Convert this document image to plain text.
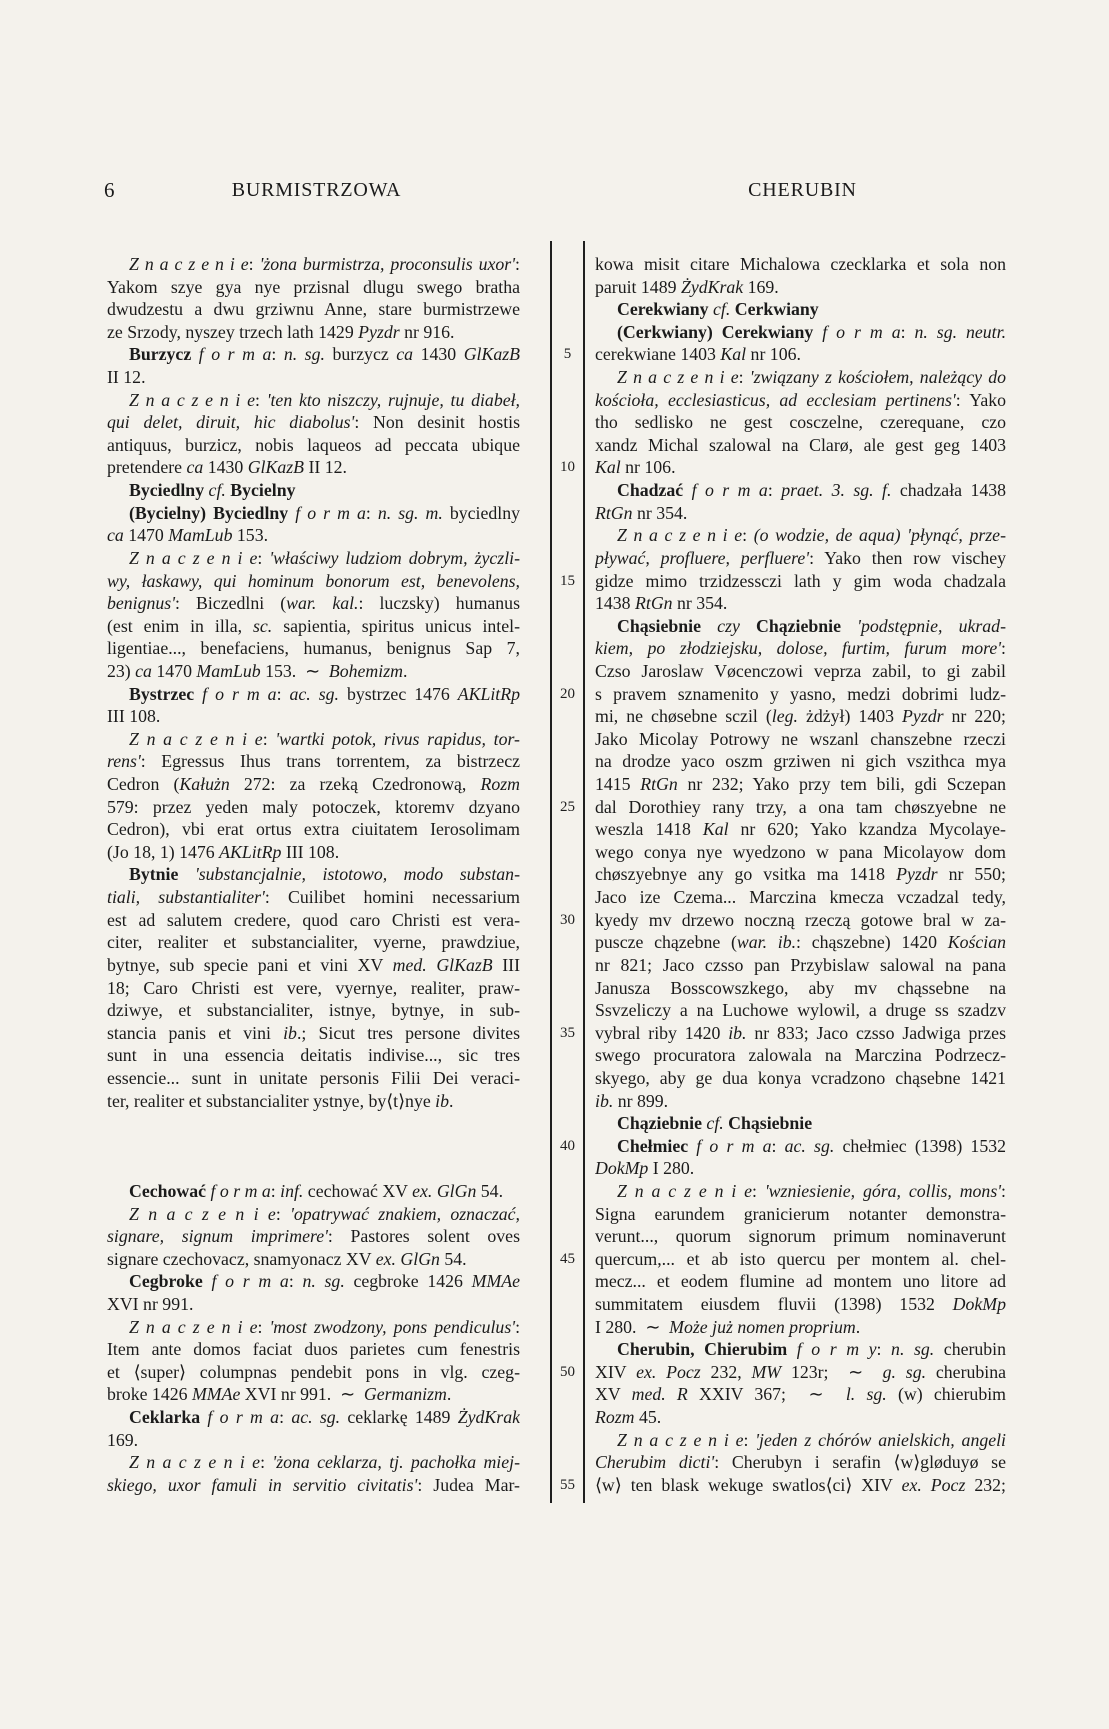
6	BURMISTRZOWA	CHERUBIN
Z n a c z e n i e: 'żona burmistrza, proconsulis uxor':
Yakom szye gya nye przisnal dlugu swego bratha
dwudzestu a dwu grziwnu Anne, stare burmistrzewe
ze Srzody, nyszey trzech lath 1429 Pyzdr nr 916.
Burzycz f o r m a: n. sg. burzycz ca 1430 GlKazB
II 12.
Z n a c z e n i e: 'ten kto niszczy, rujnuje, tu diabeł,
qui delet, diruit, hic diabolus': Non desinit hostis
antiquus, burzicz, nobis laqueos ad peccata ubique
pretendere ca 1430 GlKazB II 12.
Byciedlny cf. Bycielny
(Bycielny) Byciedlny f o r m a: n. sg. m. byciedlny
ca 1470 MamLub 153.
Z n a c z e n i e: 'właściwy ludziom dobrym, życzli-
wy, łaskawy, qui hominum bonorum est, benevolens,
benignus': Biczedlni (war. kal.: luczsky) humanus
(est enim in illa, sc. sapientia, spiritus unicus intel-
ligentiae..., benefaciens, humanus, benignus Sap 7,
23) ca 1470 MamLub 153.  ∼  Bohemizm.
Bystrzec f o r m a: ac. sg. bystrzec 1476 AKLitRp
III 108.
Z n a c z e n i e: 'wartki potok, rivus rapidus, tor-
rens': Egressus Ihus trans torrentem, za bistrzecz
Cedron (Kałużn 272: za rzeką Czedronową, Rozm
579: przez yeden maly potoczek, ktoremv dzyano
Cedron), vbi erat ortus extra ciuitatem Ierosolimam
(Jo 18, 1) 1476 AKLitRp III 108.
Bytnie 'substancjalnie, istotowo, modo substan-
tiali, substantialiter': Cuilibet homini necessarium
est ad salutem credere, quod caro Christi est vera-
citer, realiter et substancialiter, vyerne, prawdziue,
bytnye, sub specie pani et vini XV med. GlKazB III
18; Caro Christi est vere, vyernye, realiter, praw-
dziwye, et substancialiter, istnye, bytnye, in sub-
stancia panis et vini ib.; Sicut tres persone divites
sunt in una essencia deitatis indivise..., sic tres
essencie... sunt in unitate personis Filii Dei veraci-
ter, realiter et substancialiter ystnye, by⟨t⟩nye ib.
Cechować f o r m a: inf. cechować XV ex. GlGn 54.
Z n a c z e n i e: 'opatrywać znakiem, oznaczać,
signare, signum imprimere': Pastores solent oves
signare czechovacz, snamyonacz XV ex. GlGn 54.
Cegbroke f o r m a: n. sg. cegbroke 1426 MMAe
XVI nr 991.
Z n a c z e n i e: 'most zwodzony, pons pendiculus':
Item ante domos faciat duos parietes cum fenestris
et ⟨super⟩ columpnas pendebit pons in vlg. czeg-
broke 1426 MMAe XVI nr 991.  ∼  Germanizm.
Ceklarka f o r m a: ac. sg. ceklarkę 1489 ŻydKrak
169.
Z n a c z e n i e: 'żona ceklarza, tj. pachołka miej-
skiego, uxor famuli in servitio civitatis': Judea Mar-
5
10
15
20
25
30
35
40
45
50
55
kowa misit citare Michalowa czecklarka et sola non
paruit 1489 ŻydKrak 169.
Cerekwiany cf. Cerkwiany
(Cerkwiany) Cerekwiany f o r m a: n. sg. neutr.
cerekwiane 1403 Kal nr 106.
Z n a c z e n i e: 'związany z kościołem, należący do
kościoła, ecclesiasticus, ad ecclesiam pertinens': Yako
tho sedlisko ne gest cosczelne, czerequane, czo
xandz Michal szalowal na Clarø, ale gest geg 1403
Kal nr 106.
Chadzać f o r m a: praet. 3. sg. f. chadzała 1438
RtGn nr 354.
Z n a c z e n i e: (o wodzie, de aqua) 'płynąć, prze-
pływać, profluere, perfluere': Yako then row vischey
gidze mimo trzidzessczi lath y gim woda chadzala
1438 RtGn nr 354.
Chąsiebnie czy Chąziebnie 'podstępnie, ukrad-
kiem, po złodziejsku, dolose, furtim, furum more':
Czso Jaroslaw Vøcenczowi veprza zabil, to gi zabil
s pravem sznamenito y yasno, medzi dobrimi ludz-
mi, ne chøsebne sczil (leg. żdżył) 1403 Pyzdr nr 220;
Jako Micolay Potrowy ne wszanl chanszebne rzeczi
na drodze yaco oszm grziwen ni gich vszithca mya
1415 RtGn nr 232; Yako przy tem bili, gdi Sczepan
dal Dorothiey rany trzy, a ona tam chøszyebne ne
weszla 1418 Kal nr 620; Yako kzandza Mycolaye-
wego conya nye wyedzono w pana Micolayow dom
chøszyebnye any go vsitka ma 1418 Pyzdr nr 550;
Jaco ize Czema... Marczina kmecza vczadzal tedy,
kyedy mv drzewo noczną rzeczą gotowe bral w za-
puscze chązebne (war. ib.: chąszebne) 1420 Kościan
nr 821; Jaco czsso pan Przybislaw salowal na pana
Janusza Bosscowszkego, aby mv chąssebne na
Ssvzeliczy a na Luchowe wylowil, a druge ss szadzv
vybral riby 1420 ib. nr 833; Jaco czsso Jadwiga przes
swego procuratora zalowala na Marczina Podrzecz-
skyego, aby ge dua konya vcradzono chąsebne 1421
ib. nr 899.
Chąziebnie cf. Chąsiebnie
Chełmiec f o r m a: ac. sg. chełmiec (1398) 1532
DokMp I 280.
Z n a c z e n i e: 'wzniesienie, góra, collis, mons':
Signa earundem granicierum notanter demonstra-
verunt..., quorum signorum primum nominaverunt
quercum,... et ab isto quercu per montem al. chel-
mecz... et eodem flumine ad montem uno litore ad
summitatem eiusdem fluvii (1398) 1532 DokMp
I 280.  ∼  Może już nomen proprium.
Cherubin, Chierubim f o r m y: n. sg. cherubin
XIV ex. Pocz 232, MW 123r;  ∼  g. sg. cherubina
XV med. R XXIV 367;  ∼  l. sg. (w) chierubim
Rozm 45.
Z n a c z e n i e: 'jeden z chórów anielskich, angeli
Cherubim dicti': Cherubyn i serafin ⟨w⟩gløduyø se
⟨w⟩ ten blask wekuge swatlos⟨ci⟩ XIV ex. Pocz 232;
